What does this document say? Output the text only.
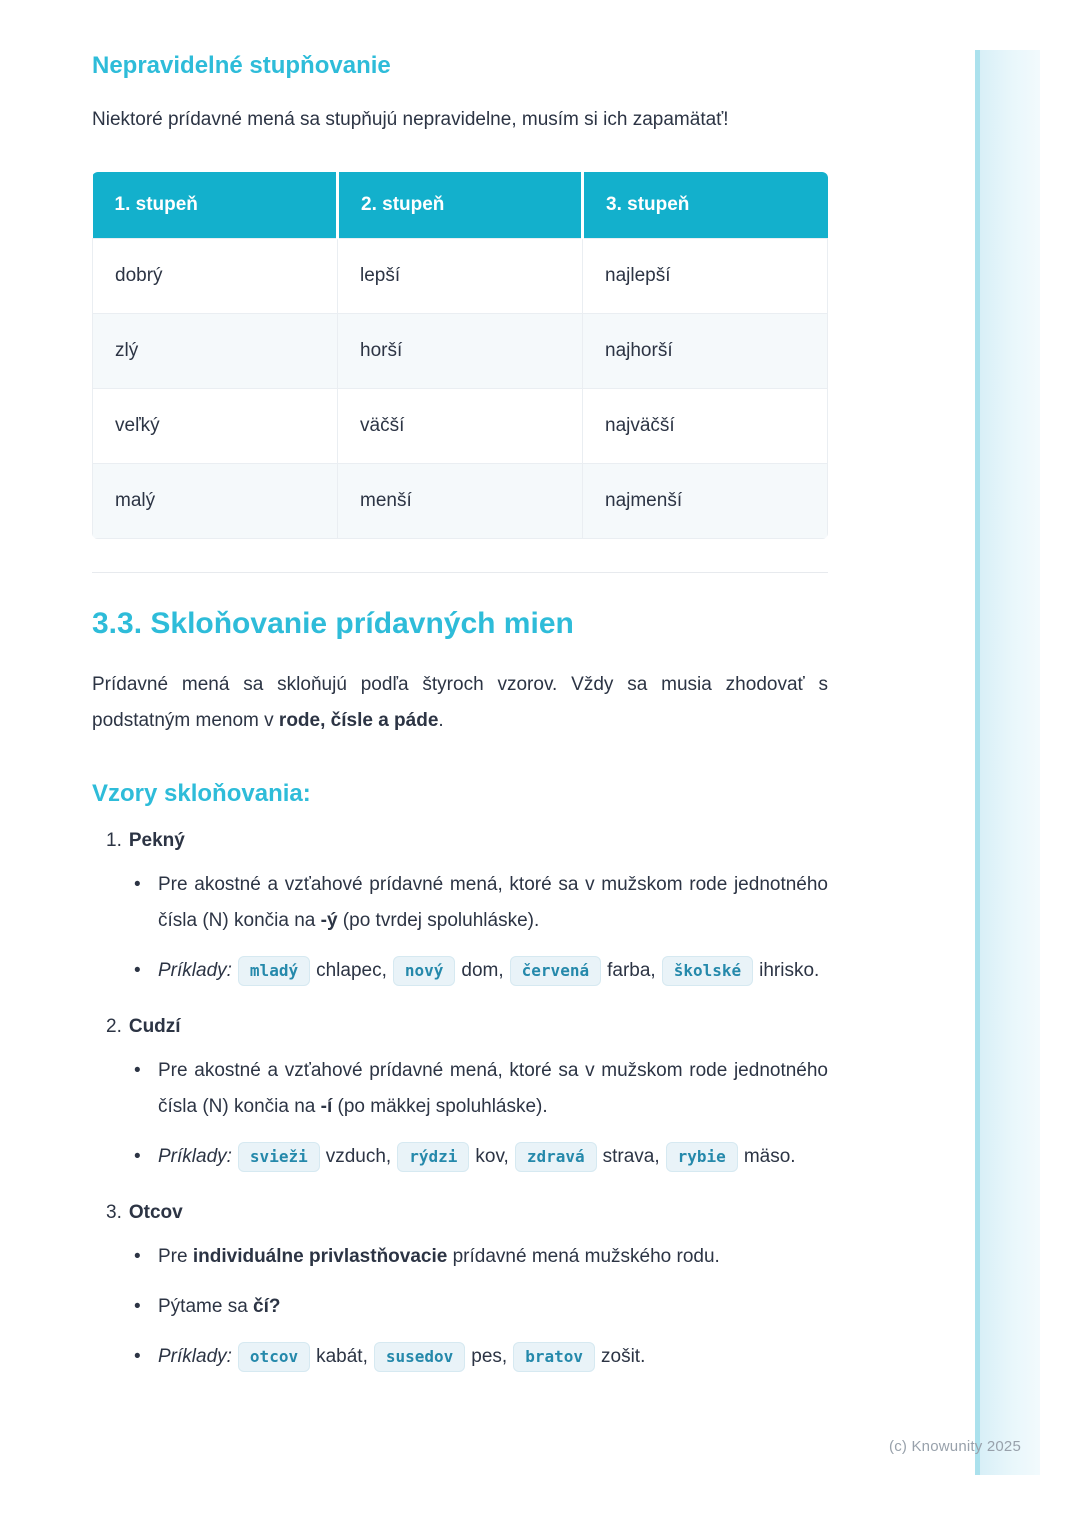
(c) Knowunity 2025
Nepravidelné stupňovanie

Niektoré prídavné mená sa stupňujú nepravidelne, musím si ich zapamätať!

1. stupeň	2. stupeň	3. stupeň
dobrý	lepší	najlepší
zlý	horší	najhorší
veľký	väčší	najväčší
malý	menší	najmenší
3.3. Skloňovanie prídavných mien

Prídavné mená sa skloňujú podľa štyroch vzorov. Vždy sa musia zhodovať s podstatným menom v rode, čísle a páde.

Vzory skloňovania:
1. Pekný
• Pre akostné a vzťahové prídavné mená, ktoré sa v mužskom rode jednotného čísla (N) končia na -ý (po tvrdej spoluhláske).
• Príklady: mladý chlapec, nový dom, červená farba, školské ihrisko.
2. Cudzí
• Pre akostné a vzťahové prídavné mená, ktoré sa v mužskom rode jednotného čísla (N) končia na -í (po mäkkej spoluhláske).
• Príklady: svieži vzduch, rýdzi kov, zdravá strava, rybie mäso.
3. Otcov
• Pre individuálne privlastňovacie prídavné mená mužského rodu.
• Pýtame sa čí?
• Príklady: otcov kabát, susedov pes, bratov zošit.
